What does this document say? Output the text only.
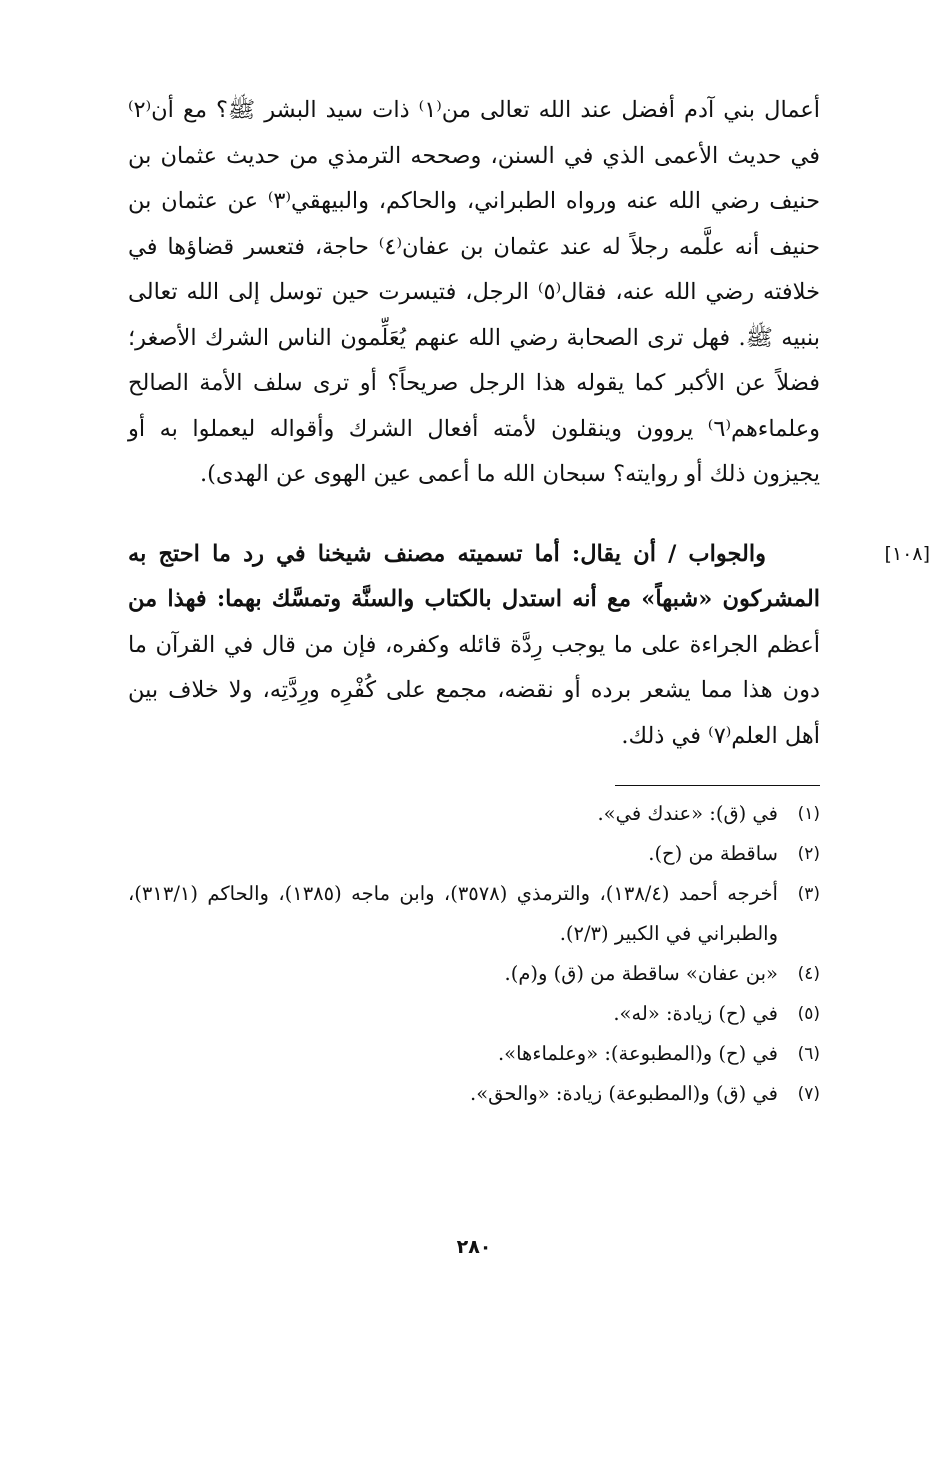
أعمال بني آدم أفضل عند الله تعالى من⁽١⁾ ذات سيد البشر ﷺ؟ مع أن⁽٢⁾ في حديث الأعمى الذي في السنن، وصححه الترمذي من حديث عثمان بن حنيف رضي الله عنه ورواه الطبراني، والحاكم، والبيهقي⁽٣⁾ عن عثمان بن حنيف أنه علَّمه رجلاً له عند عثمان بن عفان⁽٤⁾ حاجة، فتعسر قضاؤها في خلافته رضي الله عنه، فقال⁽٥⁾ الرجل، فتيسرت حين توسل إلى الله تعالى بنبيه ﷺ. فهل ترى الصحابة رضي الله عنهم يُعَلِّمون الناس الشرك الأصغر؛ فضلاً عن الأكبر كما يقوله هذا الرجل صريحاً؟ أو ترى سلف الأمة الصالح وعلماءهم⁽٦⁾ يروون وينقلون لأمته أفعال الشرك وأقواله ليعملوا به أو يجيزون ذلك أو روايته؟ سبحان الله ما أعمى عين الهوى عن الهدى).

[١٠٨]

والجواب / أن يقال: أما تسميته مصنف شيخنا في رد ما احتج به المشركون «شبهاً» مع أنه استدل بالكتاب والسنَّة وتمسَّك بهما: فهذا من أعظم الجراءة على ما يوجب رِدَّة قائله وكفره، فإن من قال في القرآن ما دون هذا مما يشعر برده أو نقضه، مجمع على كُفْرِه ورِدَّتِه، ولا خلاف بين أهل العلم⁽٧⁾ في ذلك.

(١)
في (ق): «عندك في».
(٢)
ساقطة من (ح).
(٣)
أخرجه أحمد (١٣٨/٤)، والترمذي (٣٥٧٨)، وابن ماجه (١٣٨٥)، والحاكم (٣١٣/١)، والطبراني في الكبير (٢/٣).
(٤)
«بن عفان» ساقطة من (ق) و(م).
(٥)
في (ح) زيادة: «له».
(٦)
في (ح) و(المطبوعة): «وعلماءها».
(٧)
في (ق) و(المطبوعة) زيادة: «والحق».
٢٨٠
